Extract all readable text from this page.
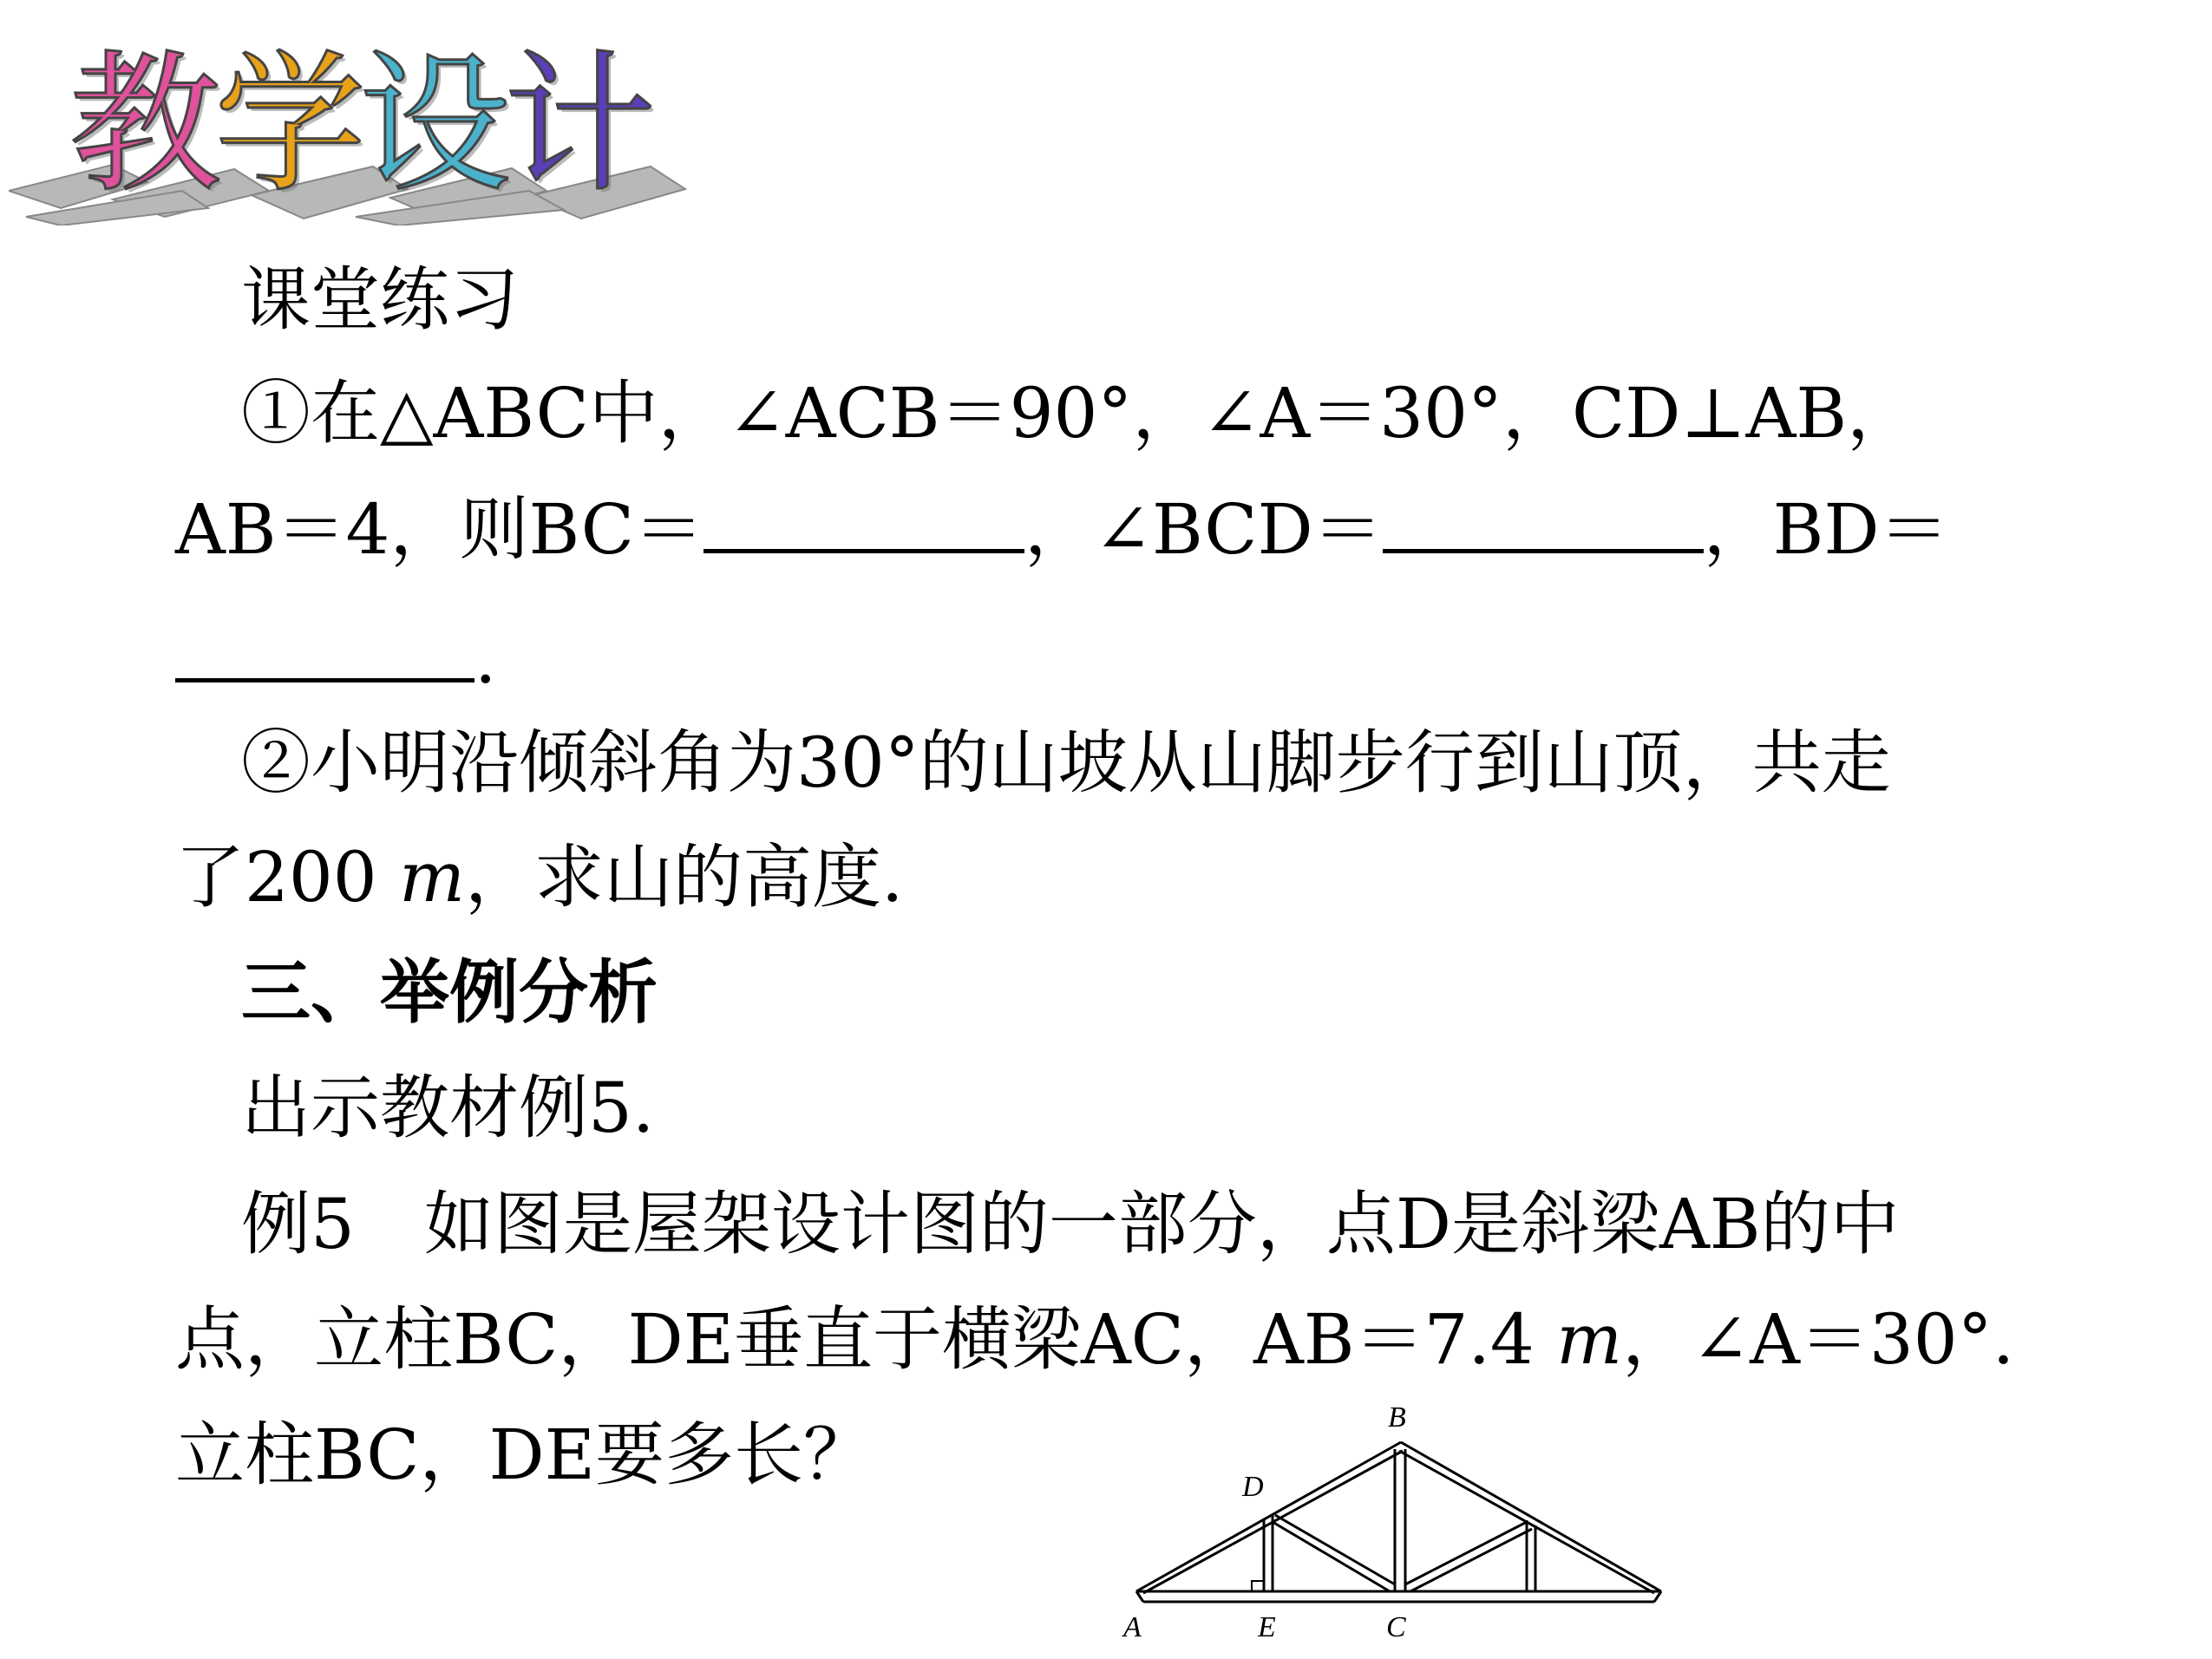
教 学 设 计
课堂练习
①在△ABC中，∠ACB＝90°，∠A＝30°，CD⊥AB，
AB＝4，则BC＝	，∠BCD＝	，BD＝
.
②小明沿倾斜角为30°的山坡从山脚步行到山顶，共走
了200 m，求山的高度.
三、举例分析
出示教材例5.
例5　如图是屋架设计图的一部分，点D是斜梁AB的中
点，立柱BC，DE垂直于横梁AC，AB＝7.4 m，∠A＝30°.
立柱BC，DE要多长？	B
D
A	E	C
